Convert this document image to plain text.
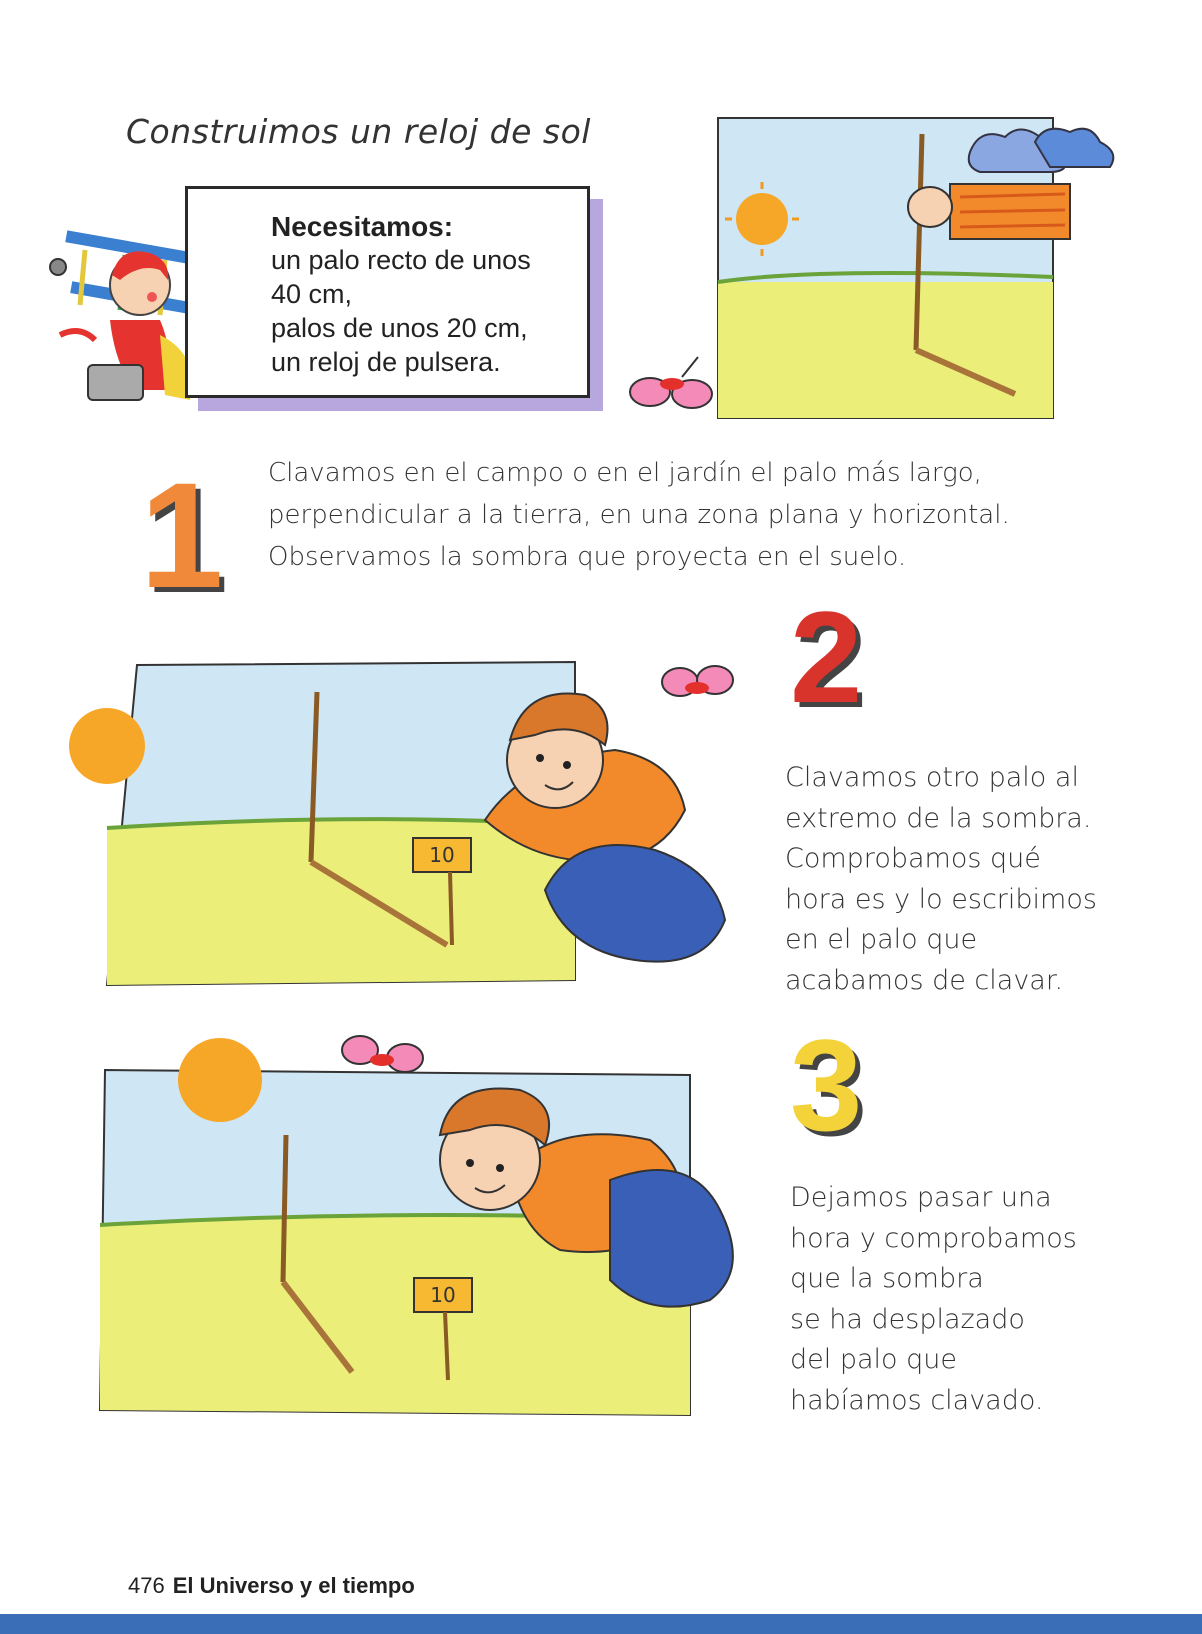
Construimos un reloj de sol
Necesitamos:
un palo recto de unos
40 cm,
palos de unos 20 cm,
un reloj de pulsera.
1 Clavamos en el campo o en el jardín el palo más largo,
perpendicular a la tierra, en una zona plana y horizontal.
Observamos la sombra que proyecta en el suelo.
10
2
Clavamos otro palo al
extremo de la sombra.
Comprobamos qué
hora es y lo escribimos
en el palo que
acabamos de clavar.
10
3
Dejamos pasar una
hora y comprobamos
que la sombra
se ha desplazado
del palo que
habíamos clavado.
476 El Universo y el tiempo
